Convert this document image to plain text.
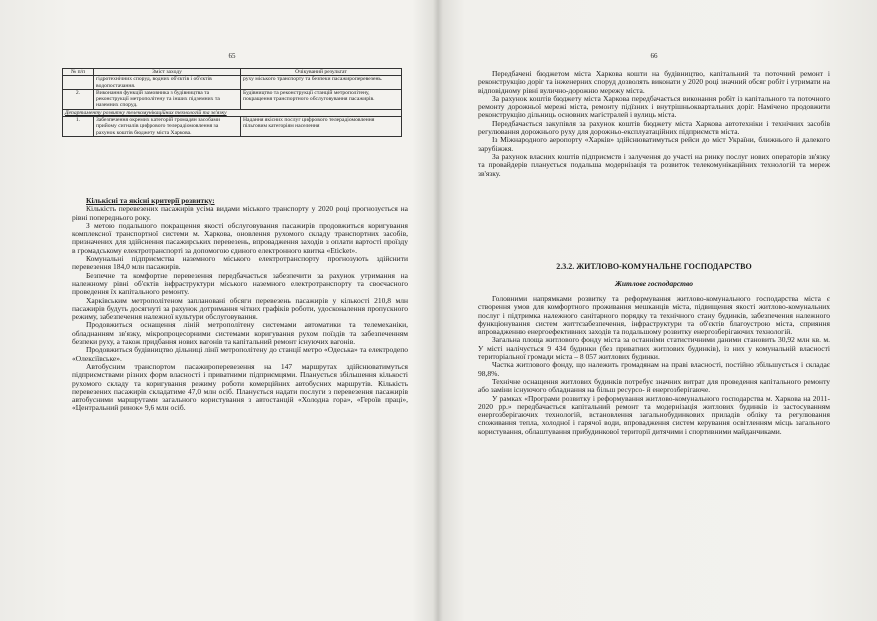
65
№ п/п	Зміст заходу	Очікуваний результат
	гідротехнічних споруд, водних об'єктів і об'єктів водопостачання.	руху міського транспорту та безпеки пасажироперевезень.
2.	Виконання функцій замовника з будівництва та реконструкції метрополітену та інших підземних та наземних споруд.	Будівництво та реконструкції станцій метрополітену, покращення транспортного обслуговування пасажирів.
Департаменту розвитку телекомунікаційних технологій та зв'язку		
1.	Забезпечення окремих категорій громадян засобами прийому сигналів цифрового телерадіомовлення за рахунок коштів бюджету міста Харкова.	Надання якісних послуг цифрового телерадіомовлення пільговим категоріям населення

Кількісні та якісні критерії розвитку:

Кількість перевезених пасажирів усіма видами міського транспорту у 2020 році прогнозується на рівні попереднього року.

З метою подальшого покращення якості обслуговування пасажирів продовжиться коригування комплексної транспортної системи м. Харкова, оновлення рухомого складу транспортних засобів, призначених для здійснення пасажирських перевезень, впровадження заходів з оплати вартості проїзду в громадському електротранспорті за допомогою єдиного електронного квитка «Eticket».

Комунальні підприємства наземного міського електротранспорту прогнозують здійснити перевезення 184,0 млн пасажирів.

Безпечне та комфортне перевезення передбачається забезпечити за рахунок утримання на належному рівні об'єктів інфраструктури міського наземного електротранспорту та своєчасного проведення їх капітального ремонту.

Харківським метрополітеном заплановані обсяги перевезень пасажирів у кількості 210,8 млн пасажирів будуть досягнуті за рахунок дотримання чітких графіків роботи, удосконалення пропускного режиму, забезпечення належної культури обслуговування.

Продовжиться оснащення ліній метрополітену системами автоматики та телемеханіки, обладнанням зв'язку, мікропроцесорними системами коригування рухом поїздів та забезпеченням безпеки руху, а також придбання нових вагонів та капітальний ремонт існуючих вагонів.

Продовжиться будівництво дільниці лінії метрополітену до станції метро «Одеська» та електродепо «Олексіївське».

Автобусним транспортом пасажироперевезення на 147 маршрутах здійснюватимуться підприємствами різних форм власності і приватними підприємцями. Планується збільшення кількості рухомого складу та коригування режиму роботи комерційних автобусних маршрутів. Кількість перевезених пасажирів складатиме 47,0 млн осіб. Планується надати послуги з перевезення пасажирів автобусними маршрутами загального користування з автостанцій «Холодна гора», «Героїв праці», «Центральний ринок» 9,6 млн осіб.

66

Передбачені бюджетом міста Харкова кошти на будівництво, капітальний та поточний ремонт і реконструкцію доріг та інженерних споруд дозволять виконати у 2020 році значний обсяг робіт і утримати на відповідному рівні вулично-дорожню мережу міста.

За рахунок коштів бюджету міста Харкова передбачається виконання робіт із капітального та поточного ремонту дорожньої мережі міста, ремонту підїзних і внутрішньоквартальних доріг. Намічено продовжити реконструкцію дільниць основних магістралей і вулиць міста.

Передбачається закупівля за рахунок коштів бюджету міста Харкова автотехніки і технічних засобів регулювання дорожнього руху для дорожньо-експлуатаційних підприємств міста.

Із Міжнародного аеропорту «Харків» здійснюватимуться рейси до міст України, ближнього й далекого зарубіжжя.

За рахунок власних коштів підприємств і залучення до участі на ринку послуг нових операторів зв'язку та провайдерів планується подальша модернізація та розвиток телекомунікаційних технологій та мереж зв'язку.

2.3.2. ЖИТЛОВО-КОМУНАЛЬНЕ ГОСПОДАРСТВО
Житлове господарство

Головними напрямками розвитку та реформування житлово-комунального господарства міста є створення умов для комфортного проживання мешканців міста, підвищення якості житлово-комунальних послуг і підтримка належного санітарного порядку та технічного стану будинків, забезпечення належного функціонування систем життєзабезпечення, інфраструктури та об'єктів благоустрою міста, сприяння впровадженню енергоефективних заходів та подальшому розвитку енергозберігаючих технологій.

Загальна площа житлового фонду міста за останніми статистичними даними становить 30,92 млн кв. м. У місті налічується 9 434 будинки (без приватних житлових будинків), із них у комунальній власності територіальної громади міста – 8 057 житлових будинки.

Частка житлового фонду, що належить громадянам на праві власності, постійно збільшується і складає 98,8%.

Технічне оснащення житлових будинків потребує значних витрат для проведення капітального ремонту або заміни існуючого обладнання на більш ресурсо- й енергозберігаюче.

У рамках «Програми розвитку і реформування житлово-комунального господарства м. Харкова на 2011-2020 рр.» передбачається капітальний ремонт та модернізація житлових будинків із застосуванням енергозберігаючих технологій, встановлення загальнобудинкових приладів обліку та регулювання споживання тепла, холодної і гарячої води, впровадження систем керування освітленням місць загального користування, облаштування прибудинкової території дитячими і спортивними майданчиками.
